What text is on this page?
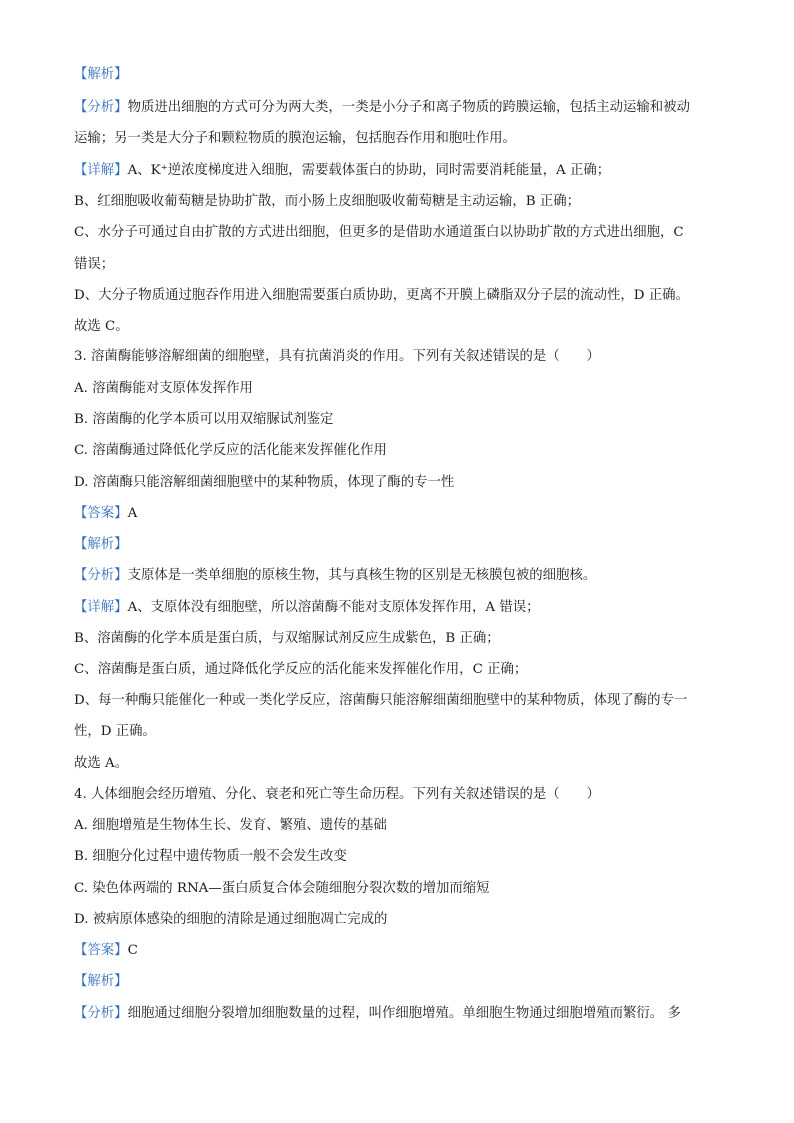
【解析】
【分析】物质进出细胞的方式可分为两大类，一类是小分子和离子物质的跨膜运输，包括主动运输和被动
运输；另一类是大分子和颗粒物质的膜泡运输，包括胞吞作用和胞吐作用。
【详解】A、K⁺逆浓度梯度进入细胞，需要载体蛋白的协助，同时需要消耗能量，A 正确；
B、红细胞吸收葡萄糖是协助扩散，而小肠上皮细胞吸收葡萄糖是主动运输，B 正确；
C、水分子可通过自由扩散的方式进出细胞，但更多的是借助水通道蛋白以协助扩散的方式进出细胞，C
错误；
D、大分子物质通过胞吞作用进入细胞需要蛋白质协助，更离不开膜上磷脂双分子层的流动性，D 正确。
故选 C。
3. 溶菌酶能够溶解细菌的细胞壁，具有抗菌消炎的作用。下列有关叙述错误的是（　　）
A. 溶菌酶能对支原体发挥作用
B. 溶菌酶的化学本质可以用双缩脲试剂鉴定
C. 溶菌酶通过降低化学反应的活化能来发挥催化作用
D. 溶菌酶只能溶解细菌细胞壁中的某种物质，体现了酶的专一性
【答案】A
【解析】
【分析】支原体是一类单细胞的原核生物，其与真核生物的区别是无核膜包被的细胞核。
【详解】A、支原体没有细胞壁，所以溶菌酶不能对支原体发挥作用，A 错误；
B、溶菌酶的化学本质是蛋白质，与双缩脲试剂反应生成紫色，B 正确；
C、溶菌酶是蛋白质，通过降低化学反应的活化能来发挥催化作用，C 正确；
D、每一种酶只能催化一种或一类化学反应，溶菌酶只能溶解细菌细胞壁中的某种物质，体现了酶的专一
性，D 正确。
故选 A。
4. 人体细胞会经历增殖、分化、衰老和死亡等生命历程。下列有关叙述错误的是（　　）
A. 细胞增殖是生物体生长、发育、繁殖、遗传的基础
B. 细胞分化过程中遗传物质一般不会发生改变
C. 染色体两端的 RNA—蛋白质复合体会随细胞分裂次数的增加而缩短
D. 被病原体感染的细胞的清除是通过细胞凋亡完成的
【答案】C
【解析】
【分析】细胞通过细胞分裂增加细胞数量的过程，叫作细胞增殖。单细胞生物通过细胞增殖而繁衍。 多
